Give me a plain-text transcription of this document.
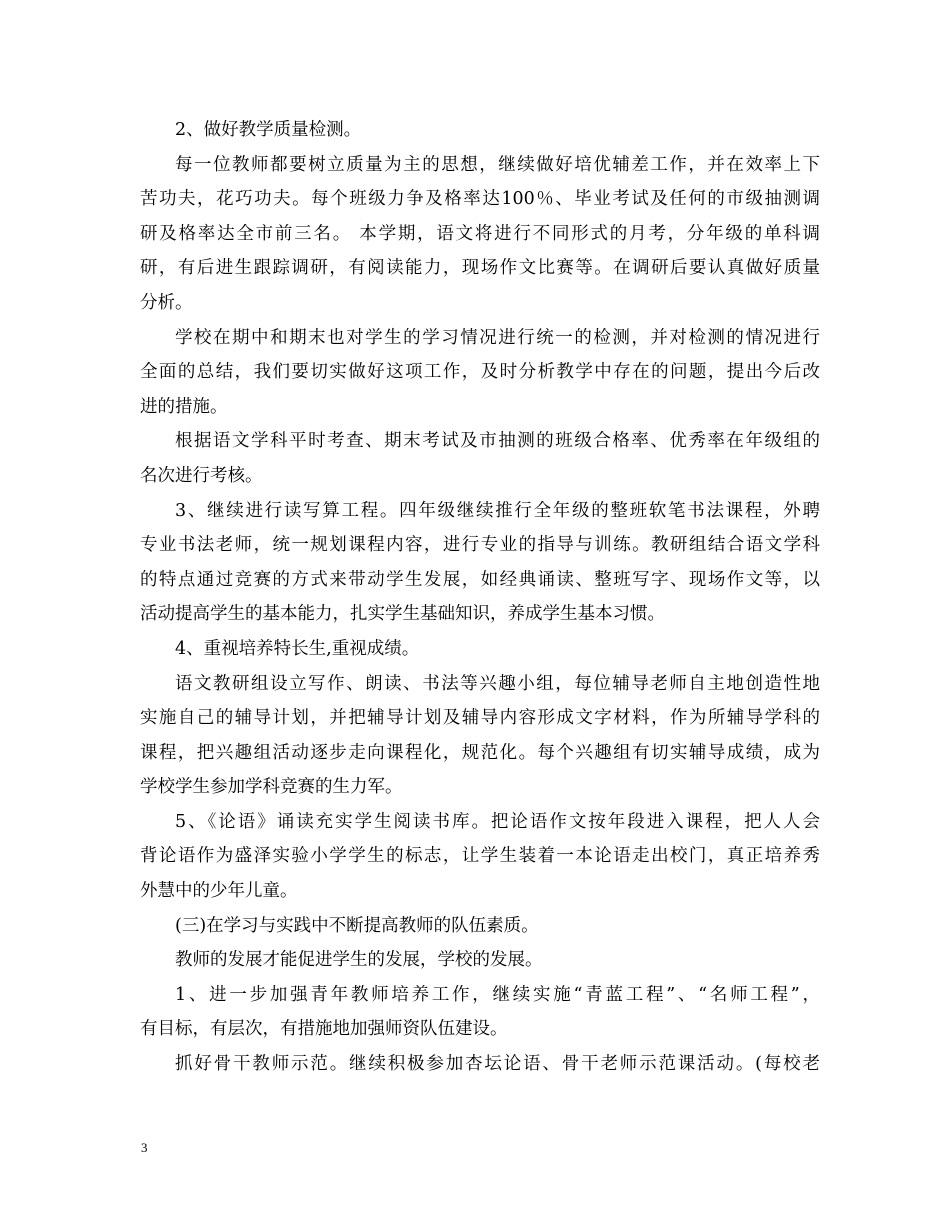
2、做好教学质量检测。
每一位教师都要树立质量为主的思想，继续做好培优辅差工作，并在效率上下
苦功夫，花巧功夫。每个班级力争及格率达100％、毕业考试及任何的市级抽测调
研及格率达全市前三名。 本学期，语文将进行不同形式的月考，分年级的单科调
研，有后进生跟踪调研，有阅读能力，现场作文比赛等。在调研后要认真做好质量
分析。
学校在期中和期末也对学生的学习情况进行统一的检测，并对检测的情况进行
全面的总结，我们要切实做好这项工作，及时分析教学中存在的问题，提出今后改
进的措施。
根据语文学科平时考查、期末考试及市抽测的班级合格率、优秀率在年级组的
名次进行考核。
3、继续进行读写算工程。四年级继续推行全年级的整班软笔书法课程，外聘
专业书法老师，统一规划课程内容，进行专业的指导与训练。教研组结合语文学科
的特点通过竞赛的方式来带动学生发展，如经典诵读、整班写字、现场作文等，以
活动提高学生的基本能力，扎实学生基础知识，养成学生基本习惯。
4、重视培养特长生,重视成绩。
语文教研组设立写作、朗读、书法等兴趣小组，每位辅导老师自主地创造性地
实施自己的辅导计划，并把辅导计划及辅导内容形成文字材料，作为所辅导学科的
课程，把兴趣组活动逐步走向课程化，规范化。每个兴趣组有切实辅导成绩，成为
学校学生参加学科竞赛的生力军。
5、《论语》诵读充实学生阅读书库。把论语作文按年段进入课程，把人人会
背论语作为盛泽实验小学学生的标志，让学生装着一本论语走出校门，真正培养秀
外慧中的少年儿童。
(三)在学习与实践中不断提高教师的队伍素质。
教师的发展才能促进学生的发展，学校的发展。
1、进一步加强青年教师培养工作，继续实施“青蓝工程”、“名师工程”，
有目标，有层次，有措施地加强师资队伍建设。
抓好骨干教师示范。继续积极参加杏坛论语、骨干老师示范课活动。(每校老
3
